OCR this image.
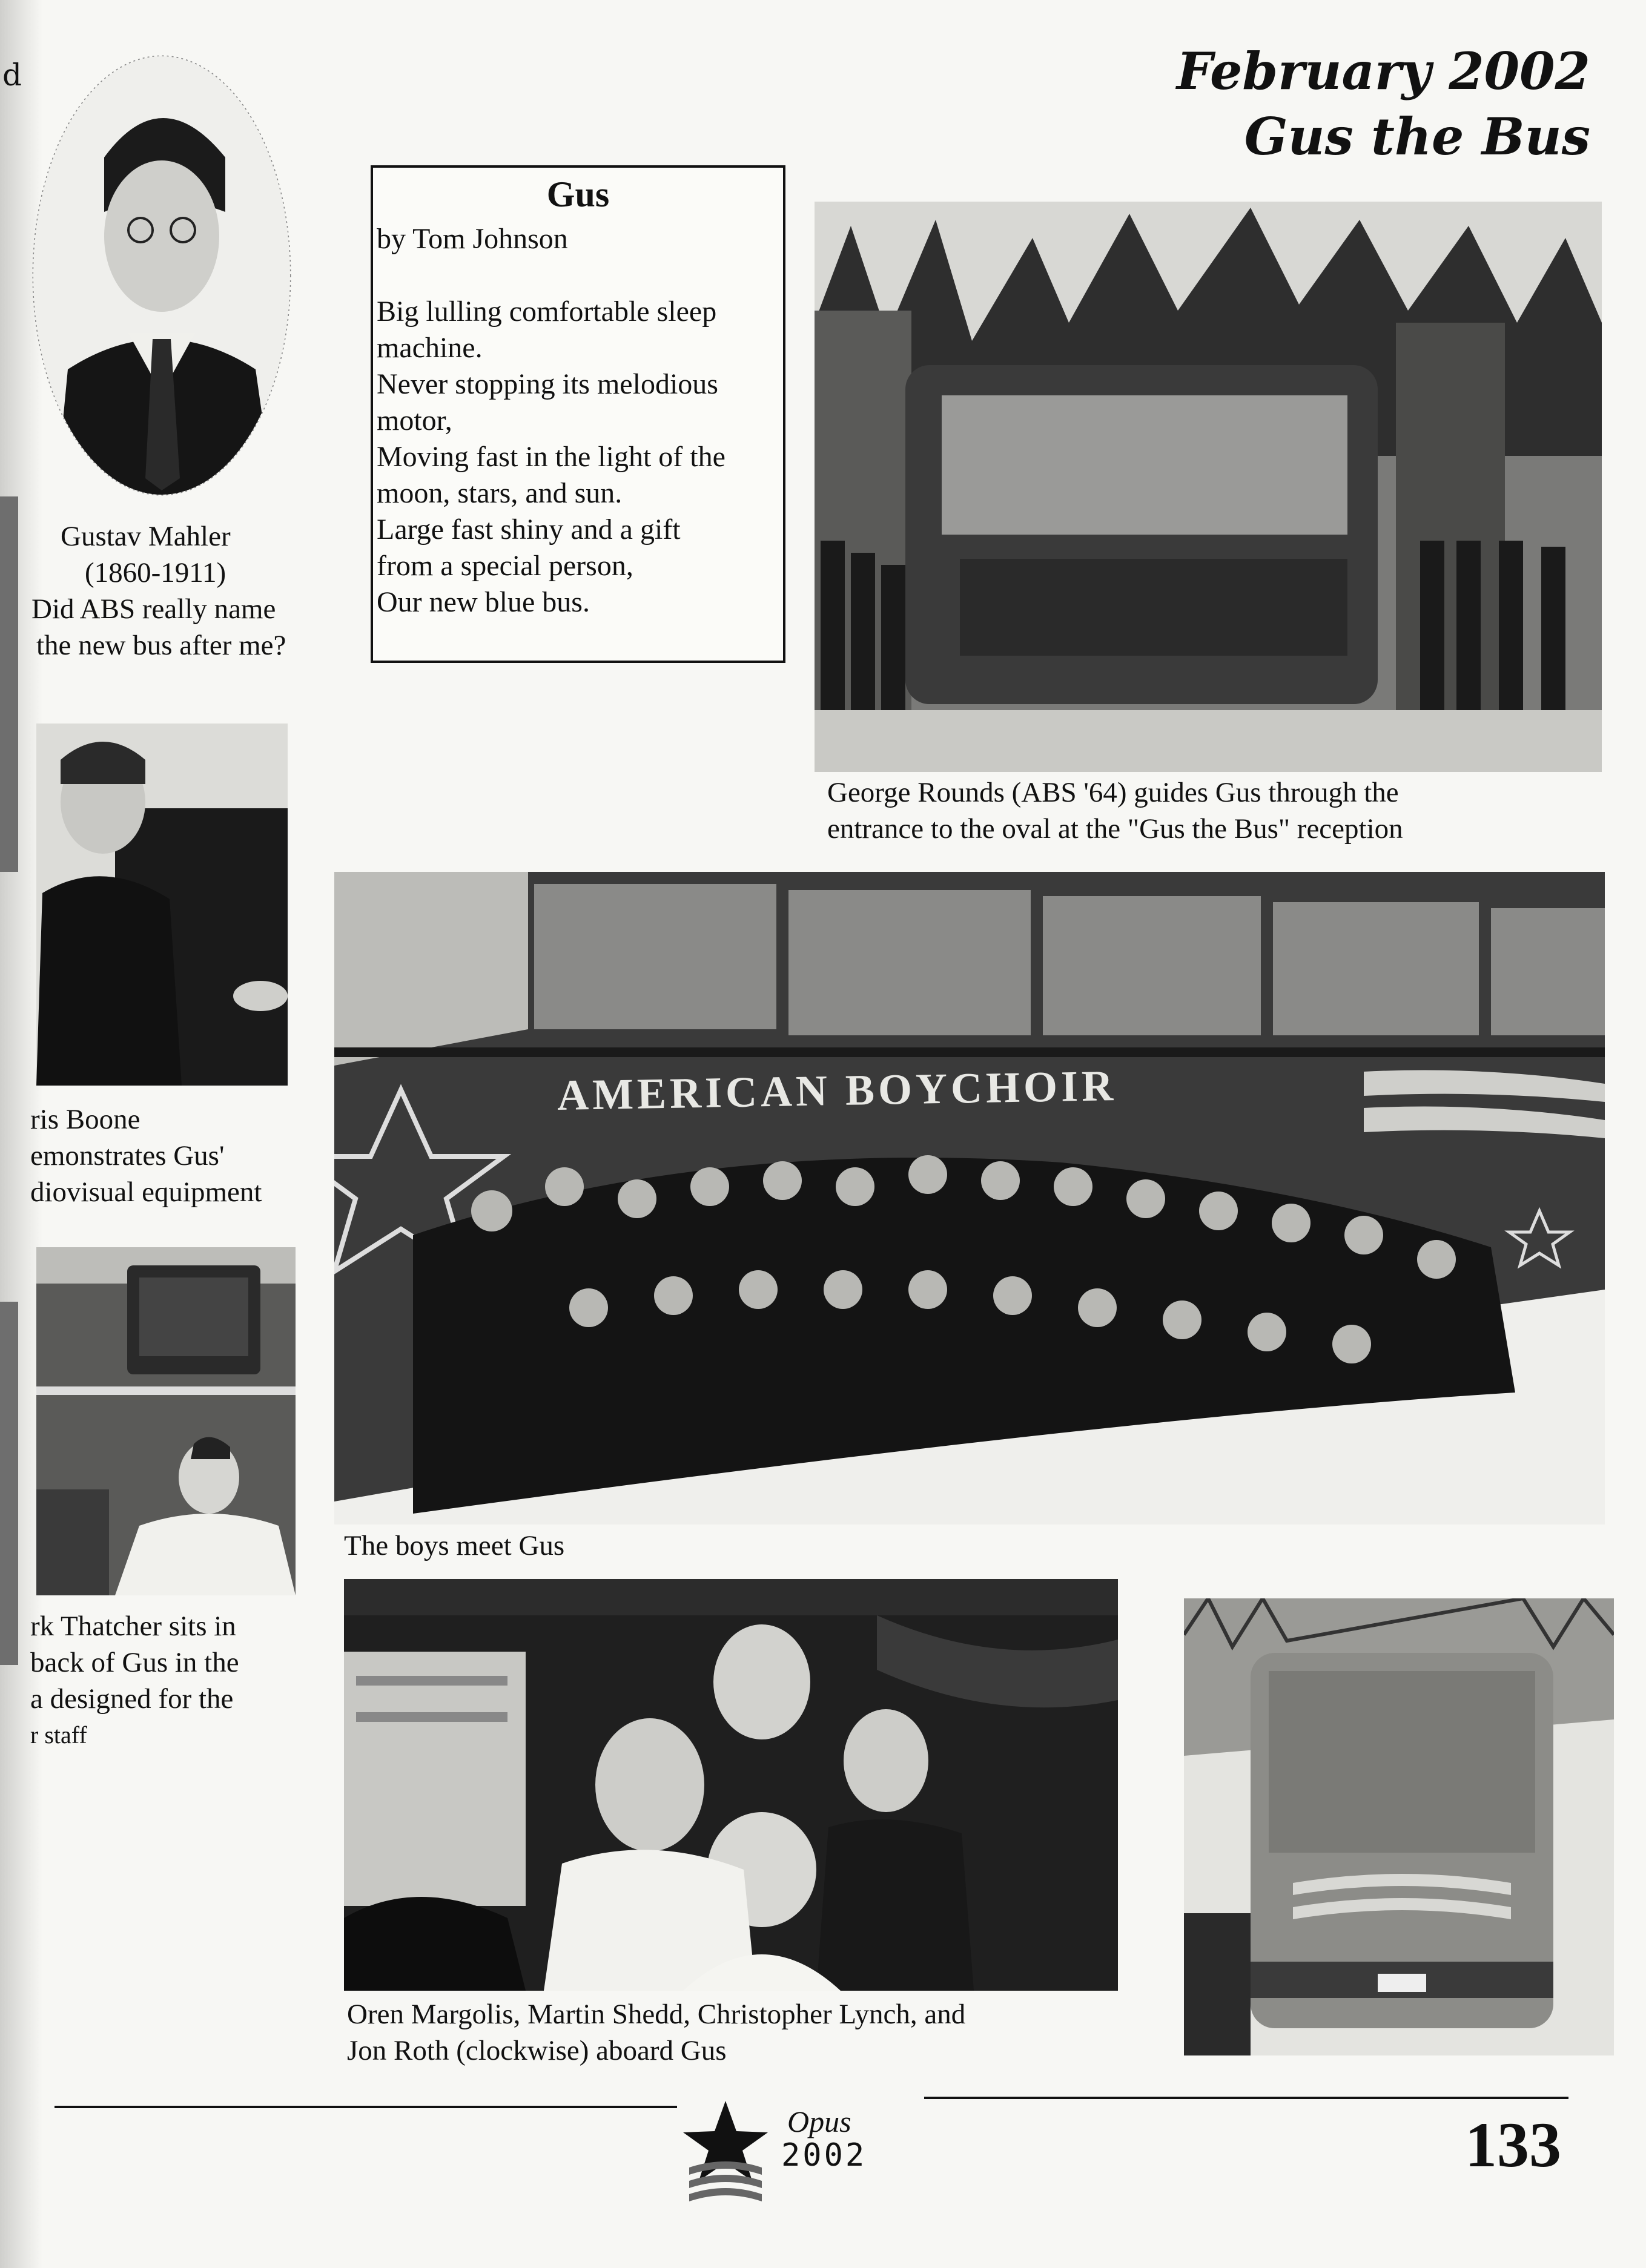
d	February 2002
Gus the Bus
Gustav Mahler
(1860-1911)
Did ABS really name
the new bus after me?
Gus
by Tom Johnson
Big lulling comfortable sleep
machine.
Never stopping its melodious
motor,
Moving fast in the light of the
moon, stars, and sun.
Large fast shiny and a gift
from a special person,
Our new blue bus.
George Rounds (ABS '64) guides Gus through the
entrance to the oval at the "Gus the Bus" reception
ris Boone
emonstrates Gus'
diovisual equipment
rk Thatcher sits in
back of Gus in the
a designed for the
r staff
AMERICAN BOYCHOIR
The boys meet Gus
Oren Margolis, Martin Shedd, Christopher Lynch, and
Jon Roth (clockwise) aboard Gus
Opus
2002	133
